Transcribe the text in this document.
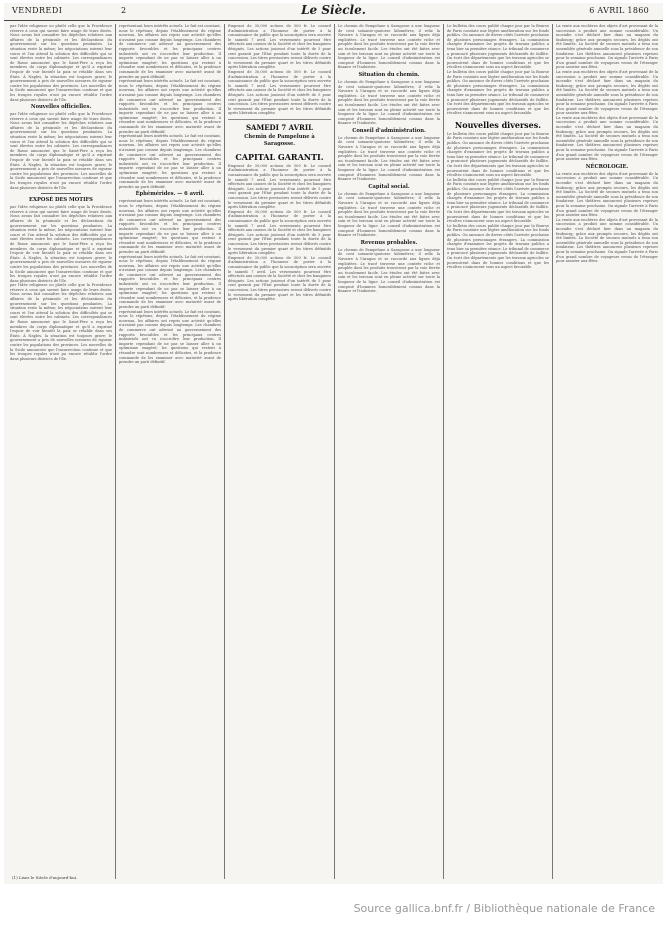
VENDREDI	2	Le Siècle.	6 AVRIL 1860
par l'idée religieuse ou plutôt celle que la Providence réserve à ceux qui savent faire usage de leurs droits. Nous avons fait connaître les dépêches relatives aux affaires de la péninsule et les déclarations du gouvernement sur les questions pendantes. La situation reste la même; les négociations suivent leur cours et l'on attend la solution des difficultés qui se sont élevées entre les cabinets. Les correspondances de Rome annoncent que le Saint-Père a reçu les membres du corps diplomatique et qu'il a exprimé l'espoir de voir bientôt la paix se rétablir dans ses États. À Naples, la situation est toujours grave; le gouvernement a pris de nouvelles mesures de rigueur contre les populations des provinces. Les nouvelles de la Sicile annoncent que l'insurrection continue et que les troupes royales n'ont pu encore rétablir l'ordre dans plusieurs districts de l'île.
Nouvelles officielles.
par l'idée religieuse ou plutôt celle que la Providence réserve à ceux qui savent faire usage de leurs droits. Nous avons fait connaître les dépêches relatives aux affaires de la péninsule et les déclarations du gouvernement sur les questions pendantes. La situation reste la même; les négociations suivent leur cours et l'on attend la solution des difficultés qui se sont élevées entre les cabinets. Les correspondances de Rome annoncent que le Saint-Père a reçu les membres du corps diplomatique et qu'il a exprimé l'espoir de voir bientôt la paix se rétablir dans ses États. À Naples, la situation est toujours grave; le gouvernement a pris de nouvelles mesures de rigueur contre les populations des provinces. Les nouvelles de la Sicile annoncent que l'insurrection continue et que les troupes royales n'ont pu encore rétablir l'ordre dans plusieurs districts de l'île.
EXPOSÉ DES MOTIFS
par l'idée religieuse ou plutôt celle que la Providence réserve à ceux qui savent faire usage de leurs droits. Nous avons fait connaître les dépêches relatives aux affaires de la péninsule et les déclarations du gouvernement sur les questions pendantes. La situation reste la même; les négociations suivent leur cours et l'on attend la solution des difficultés qui se sont élevées entre les cabinets. Les correspondances de Rome annoncent que le Saint-Père a reçu les membres du corps diplomatique et qu'il a exprimé l'espoir de voir bientôt la paix se rétablir dans ses États. À Naples, la situation est toujours grave; le gouvernement a pris de nouvelles mesures de rigueur contre les populations des provinces. Les nouvelles de la Sicile annoncent que l'insurrection continue et que les troupes royales n'ont pu encore rétablir l'ordre dans plusieurs districts de l'île.
par l'idée religieuse ou plutôt celle que la Providence réserve à ceux qui savent faire usage de leurs droits. Nous avons fait connaître les dépêches relatives aux affaires de la péninsule et les déclarations du gouvernement sur les questions pendantes. La situation reste la même; les négociations suivent leur cours et l'on attend la solution des difficultés qui se sont élevées entre les cabinets. Les correspondances de Rome annoncent que le Saint-Père a reçu les membres du corps diplomatique et qu'il a exprimé l'espoir de voir bientôt la paix se rétablir dans ses États. À Naples, la situation est toujours grave; le gouvernement a pris de nouvelles mesures de rigueur contre les populations des provinces. Les nouvelles de la Sicile annoncent que l'insurrection continue et que les troupes royales n'ont pu encore rétablir l'ordre dans plusieurs districts de l'île.
représentant leurs intérêts actuels. Le fait est constant, nous le répétons; depuis l'établissement du régime nouveau, les affaires ont repris une activité qu'elles n'avaient pas connue depuis longtemps. Les chambres de commerce ont adressé au gouvernement des rapports favorables et les principaux centres industriels ont vu s'accroître leur production. Il importe cependant de ne pas se laisser aller à un optimisme exagéré; les questions qui restent à résoudre sont nombreuses et délicates, et la prudence commande de les examiner avec maturité avant de prendre un parti définitif.
représentant leurs intérêts actuels. Le fait est constant, nous le répétons; depuis l'établissement du régime nouveau, les affaires ont repris une activité qu'elles n'avaient pas connue depuis longtemps. Les chambres de commerce ont adressé au gouvernement des rapports favorables et les principaux centres industriels ont vu s'accroître leur production. Il importe cependant de ne pas se laisser aller à un optimisme exagéré; les questions qui restent à résoudre sont nombreuses et délicates, et la prudence commande de les examiner avec maturité avant de prendre un parti définitif.
représentant leurs intérêts actuels. Le fait est constant, nous le répétons; depuis l'établissement du régime nouveau, les affaires ont repris une activité qu'elles n'avaient pas connue depuis longtemps. Les chambres de commerce ont adressé au gouvernement des rapports favorables et les principaux centres industriels ont vu s'accroître leur production. Il importe cependant de ne pas se laisser aller à un optimisme exagéré; les questions qui restent à résoudre sont nombreuses et délicates, et la prudence commande de les examiner avec maturité avant de prendre un parti définitif.
Éphémérides. — 6 avril.
représentant leurs intérêts actuels. Le fait est constant, nous le répétons; depuis l'établissement du régime nouveau, les affaires ont repris une activité qu'elles n'avaient pas connue depuis longtemps. Les chambres de commerce ont adressé au gouvernement des rapports favorables et les principaux centres industriels ont vu s'accroître leur production. Il importe cependant de ne pas se laisser aller à un optimisme exagéré; les questions qui restent à résoudre sont nombreuses et délicates, et la prudence commande de les examiner avec maturité avant de prendre un parti définitif.
représentant leurs intérêts actuels. Le fait est constant, nous le répétons; depuis l'établissement du régime nouveau, les affaires ont repris une activité qu'elles n'avaient pas connue depuis longtemps. Les chambres de commerce ont adressé au gouvernement des rapports favorables et les principaux centres industriels ont vu s'accroître leur production. Il importe cependant de ne pas se laisser aller à un optimisme exagéré; les questions qui restent à résoudre sont nombreuses et délicates, et la prudence commande de les examiner avec maturité avant de prendre un parti définitif.
représentant leurs intérêts actuels. Le fait est constant, nous le répétons; depuis l'établissement du régime nouveau, les affaires ont repris une activité qu'elles n'avaient pas connue depuis longtemps. Les chambres de commerce ont adressé au gouvernement des rapports favorables et les principaux centres industriels ont vu s'accroître leur production. Il importe cependant de ne pas se laisser aller à un optimisme exagéré; les questions qui restent à résoudre sont nombreuses et délicates, et la prudence commande de les examiner avec maturité avant de prendre un parti définitif.
Emprunt de 30,000 actions de 500 fr. Le conseil d'administration a l'honneur de porter à la connaissance du public que la souscription sera ouverte le samedi 7 avril. Les versements pourront être effectués aux caisses de la Société et chez les banquiers désignés. Les actions jouiront d'un intérêt de 5 pour cent garanti par l'État pendant toute la durée de la concession. Les titres provisoires seront délivrés contre le versement du premier quart et les titres définitifs après libération complète.
Emprunt de 30,000 actions de 500 fr. Le conseil d'administration a l'honneur de porter à la connaissance du public que la souscription sera ouverte le samedi 7 avril. Les versements pourront être effectués aux caisses de la Société et chez les banquiers désignés. Les actions jouiront d'un intérêt de 5 pour cent garanti par l'État pendant toute la durée de la concession. Les titres provisoires seront délivrés contre le versement du premier quart et les titres définitifs après libération complète.
SAMEDI 7 AVRIL
Chemin de Pampelune à Saragosse.
CAPITAL GARANTI.
Emprunt de 30,000 actions de 500 fr. Le conseil d'administration a l'honneur de porter à la connaissance du public que la souscription sera ouverte le samedi 7 avril. Les versements pourront être effectués aux caisses de la Société et chez les banquiers désignés. Les actions jouiront d'un intérêt de 5 pour cent garanti par l'État pendant toute la durée de la concession. Les titres provisoires seront délivrés contre le versement du premier quart et les titres définitifs après libération complète.
Emprunt de 30,000 actions de 500 fr. Le conseil d'administration a l'honneur de porter à la connaissance du public que la souscription sera ouverte le samedi 7 avril. Les versements pourront être effectués aux caisses de la Société et chez les banquiers désignés. Les actions jouiront d'un intérêt de 5 pour cent garanti par l'État pendant toute la durée de la concession. Les titres provisoires seront délivrés contre le versement du premier quart et les titres définitifs après libération complète.
Emprunt de 30,000 actions de 500 fr. Le conseil d'administration a l'honneur de porter à la connaissance du public que la souscription sera ouverte le samedi 7 avril. Les versements pourront être effectués aux caisses de la Société et chez les banquiers désignés. Les actions jouiront d'un intérêt de 5 pour cent garanti par l'État pendant toute la durée de la concession. Les titres provisoires seront délivrés contre le versement du premier quart et les titres définitifs après libération complète.
Le chemin de Pampelune à Saragosse a une longueur de cent soixante-quatorze kilomètres; il relie la Navarre à l'Aragon et se raccorde aux lignes déjà exploitées. Le tracé traverse une contrée riche et peuplée dont les produits trouveront par la voie ferrée un écoulement facile. Les études ont été faites avec soin et les travaux sont en pleine activité sur toute la longueur de la ligne. Le conseil d'administration est composé d'hommes honorablement connus dans la finance et l'industrie.
Situation du chemin.
Le chemin de Pampelune à Saragosse a une longueur de cent soixante-quatorze kilomètres; il relie la Navarre à l'Aragon et se raccorde aux lignes déjà exploitées. Le tracé traverse une contrée riche et peuplée dont les produits trouveront par la voie ferrée un écoulement facile. Les études ont été faites avec soin et les travaux sont en pleine activité sur toute la longueur de la ligne. Le conseil d'administration est composé d'hommes honorablement connus dans la finance et l'industrie.
Conseil d'administration.
Le chemin de Pampelune à Saragosse a une longueur de cent soixante-quatorze kilomètres; il relie la Navarre à l'Aragon et se raccorde aux lignes déjà exploitées. Le tracé traverse une contrée riche et peuplée dont les produits trouveront par la voie ferrée un écoulement facile. Les études ont été faites avec soin et les travaux sont en pleine activité sur toute la longueur de la ligne. Le conseil d'administration est composé d'hommes honorablement connus dans la finance et l'industrie.
Capital social.
Le chemin de Pampelune à Saragosse a une longueur de cent soixante-quatorze kilomètres; il relie la Navarre à l'Aragon et se raccorde aux lignes déjà exploitées. Le tracé traverse une contrée riche et peuplée dont les produits trouveront par la voie ferrée un écoulement facile. Les études ont été faites avec soin et les travaux sont en pleine activité sur toute la longueur de la ligne. Le conseil d'administration est composé d'hommes honorablement connus dans la finance et l'industrie.
Revenus probables.
Le chemin de Pampelune à Saragosse a une longueur de cent soixante-quatorze kilomètres; il relie la Navarre à l'Aragon et se raccorde aux lignes déjà exploitées. Le tracé traverse une contrée riche et peuplée dont les produits trouveront par la voie ferrée un écoulement facile. Les études ont été faites avec soin et les travaux sont en pleine activité sur toute la longueur de la ligne. Le conseil d'administration est composé d'hommes honorablement connus dans la finance et l'industrie.
Le bulletin des cours publié chaque jour par la Bourse de Paris constate une légère amélioration sur les fonds publics. On annonce de divers côtés l'arrivée prochaine de plusieurs personnages étrangers. La commission chargée d'examiner les projets de travaux publics a tenu hier sa première séance. Le tribunal de commerce a prononcé plusieurs jugements déclaratifs de faillite. On écrit des départements que les travaux agricoles se poursuivent dans de bonnes conditions et que les récoltes s'annoncent sous un aspect favorable.
Le bulletin des cours publié chaque jour par la Bourse de Paris constate une légère amélioration sur les fonds publics. On annonce de divers côtés l'arrivée prochaine de plusieurs personnages étrangers. La commission chargée d'examiner les projets de travaux publics a tenu hier sa première séance. Le tribunal de commerce a prononcé plusieurs jugements déclaratifs de faillite. On écrit des départements que les travaux agricoles se poursuivent dans de bonnes conditions et que les récoltes s'annoncent sous un aspect favorable.
Nouvelles diverses.
Le bulletin des cours publié chaque jour par la Bourse de Paris constate une légère amélioration sur les fonds publics. On annonce de divers côtés l'arrivée prochaine de plusieurs personnages étrangers. La commission chargée d'examiner les projets de travaux publics a tenu hier sa première séance. Le tribunal de commerce a prononcé plusieurs jugements déclaratifs de faillite. On écrit des départements que les travaux agricoles se poursuivent dans de bonnes conditions et que les récoltes s'annoncent sous un aspect favorable.
Le bulletin des cours publié chaque jour par la Bourse de Paris constate une légère amélioration sur les fonds publics. On annonce de divers côtés l'arrivée prochaine de plusieurs personnages étrangers. La commission chargée d'examiner les projets de travaux publics a tenu hier sa première séance. Le tribunal de commerce a prononcé plusieurs jugements déclaratifs de faillite. On écrit des départements que les travaux agricoles se poursuivent dans de bonnes conditions et que les récoltes s'annoncent sous un aspect favorable.
Le bulletin des cours publié chaque jour par la Bourse de Paris constate une légère amélioration sur les fonds publics. On annonce de divers côtés l'arrivée prochaine de plusieurs personnages étrangers. La commission chargée d'examiner les projets de travaux publics a tenu hier sa première séance. Le tribunal de commerce a prononcé plusieurs jugements déclaratifs de faillite. On écrit des départements que les travaux agricoles se poursuivent dans de bonnes conditions et que les récoltes s'annoncent sous un aspect favorable.
La vente aux enchères des objets d'art provenant de la succession a produit une somme considérable. Un incendie s'est déclaré hier dans un magasin du faubourg; grâce aux prompts secours, les dégâts ont été limités. La Société de secours mutuels a tenu son assemblée générale annuelle sous la présidence de son fondateur. Les théâtres annoncent plusieurs reprises pour la semaine prochaine. On signale l'arrivée à Paris d'un grand nombre de voyageurs venus de l'étranger pour assister aux fêtes.
La vente aux enchères des objets d'art provenant de la succession a produit une somme considérable. Un incendie s'est déclaré hier dans un magasin du faubourg; grâce aux prompts secours, les dégâts ont été limités. La Société de secours mutuels a tenu son assemblée générale annuelle sous la présidence de son fondateur. Les théâtres annoncent plusieurs reprises pour la semaine prochaine. On signale l'arrivée à Paris d'un grand nombre de voyageurs venus de l'étranger pour assister aux fêtes.
La vente aux enchères des objets d'art provenant de la succession a produit une somme considérable. Un incendie s'est déclaré hier dans un magasin du faubourg; grâce aux prompts secours, les dégâts ont été limités. La Société de secours mutuels a tenu son assemblée générale annuelle sous la présidence de son fondateur. Les théâtres annoncent plusieurs reprises pour la semaine prochaine. On signale l'arrivée à Paris d'un grand nombre de voyageurs venus de l'étranger pour assister aux fêtes.
NÉCROLOGIE.
La vente aux enchères des objets d'art provenant de la succession a produit une somme considérable. Un incendie s'est déclaré hier dans un magasin du faubourg; grâce aux prompts secours, les dégâts ont été limités. La Société de secours mutuels a tenu son assemblée générale annuelle sous la présidence de son fondateur. Les théâtres annoncent plusieurs reprises pour la semaine prochaine. On signale l'arrivée à Paris d'un grand nombre de voyageurs venus de l'étranger pour assister aux fêtes.
La vente aux enchères des objets d'art provenant de la succession a produit une somme considérable. Un incendie s'est déclaré hier dans un magasin du faubourg; grâce aux prompts secours, les dégâts ont été limités. La Société de secours mutuels a tenu son assemblée générale annuelle sous la présidence de son fondateur. Les théâtres annoncent plusieurs reprises pour la semaine prochaine. On signale l'arrivée à Paris d'un grand nombre de voyageurs venus de l'étranger pour assister aux fêtes.
(1) Lisez le Siècle d'aujourd'hui.
Source gallica.bnf.fr / Bibliothèque nationale de France
